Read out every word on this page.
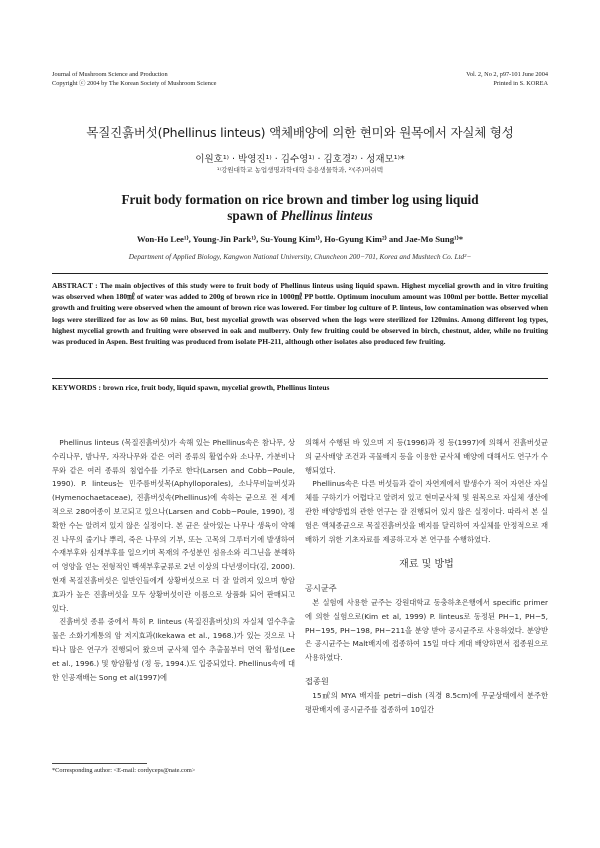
Journal of Mushroom Science and Production
Copyright ⓒ 2004 by The Korean Society of Mushroom Science
Vol. 2, No 2, p97-101 June 2004
Printed in S. KOREA
목질진흙버섯(Phellinus linteus) 액체배양에 의한 현미와 원목에서 자실체 형성
이원호¹⁾ · 박영진¹⁾ · 김수영¹⁾ · 김호경²⁾ · 성재모¹⁾*
¹⁾강원대학교 농업생명과학대학 응용생물학과, ²⁾(주)머쉬텍
Fruit body formation on rice brown and timber log using liquid
spawn of Phellinus linteus
Won-Ho Lee¹⁾, Young-Jin Park¹⁾, Su-Young Kim¹⁾, Ho-Gyung Kim²⁾ and Jae-Mo Sung¹⁾*
Department of Applied Biology, Kangwon National University, Chuncheon 200−701, Korea and Mushtech Co. Ltd²−

ABSTRACT : The main objectives of this study were to fruit body of Phellinus linteus using liquid spawn. Highest mycelial growth and in vitro fruiting was observed when 180㎖ of water was added to 200g of brown rice in 1000㎖ PP bottle. Optimum inoculum amount was 100ml per bottle. Better mycelial growth and fruiting were observed when the amount of brown rice was lowered. For timber log culture of P. linteus, low contamination was observed when logs were sterilized for as low as 60 mins. But, best mycelial growth was observed when the logs were sterilized for 120mins. Among different log types, highest mycelial growth and fruiting were observed in oak and mulberry. Only few fruiting could be observed in birch, chestnut, alder, while no fruiting was produced in Aspen. Best fruiting was produced from isolate PH-211, although other isolates also produced few fruiting.

KEYWORDS : brown rice, fruit body, liquid spawn, mycelial growth, Phellinus linteus

Phellinus linteus (목질진흙버섯)가 속해 있는 Phellinus속은 참나무, 상수리나무, 밤나무, 자작나무와 같은 여러 종류의 활엽수와 소나무, 가분비나무와 같은 여러 종류의 침엽수를 기주로 한다(Larsen and Cobb−Poule, 1990). P. linteus는 민주름버섯목(Aphylloporales), 소나무비늘버섯과(Hymenochaetaceae), 진흙버섯속(Phellinus)에 속하는 균으로 전 세계적으로 280여종이 보고되고 있으나(Larsen and Cobb−Poule, 1990), 정확한 수는 알려져 있지 않은 실정이다. 본 균은 살아있는 나무나 생육이 약해진 나무의 줄기나 뿌리, 죽은 나무의 기부, 또는 고목의 그루터기에 발생하여 수재부후와 심재부후를 일으키며 목재의 주성분인 섬유소와 리그닌을 분해하여 영양을 얻는 전형적인 백색부후균류로 2년 이상의 다년생이다(김, 2000). 현재 목질진흙버섯은 일반인들에게 상황버섯으로 더 잘 알려져 있으며 항암 효과가 높은 진흙버섯을 모두 상황버섯이란 이름으로 상품화 되어 판매되고 있다.

진흙버섯 종류 중에서 특히 P. linteus (목질진흙버섯)의 자실체 열수추출물은 소화기계통의 암 저지효과(Ikekawa et al., 1968.)가 있는 것으로 나타나 많은 연구가 진행되어 왔으며 균사체 열수 추출물부터 면역 활성(Lee et al., 1996.) 및 항암활성 (정 등, 1994.)도 입증되었다. Phellinus속에 대한 인공재배는 Song et al(1997)에

의해서 수행된 바 있으며 지 등(1996)과 정 등(1997)에 의해서 진흙버섯균의 균사배양 조건과 곡물배지 등을 이용한 균사체 배양에 대해서도 연구가 수행되었다.

Phellinus속은 다른 버섯들과 같이 자연계에서 발생수가 적어 자연산 자실체를 구하기가 어렵다고 알려져 있고 현미균사체 및 원목으로 자실체 생산에 관한 배양방법의 관한 연구는 잘 진행되어 있지 않은 실정이다. 따라서 본 실험은 액체종균으로 목질진흙버섯을 배지를 달리하여 자실체를 안정적으로 재배하기 위한 기초자료를 제공하고자 본 연구를 수행하였다.

재료 및 방법
공시균주

본 실험에 사용한 균주는 강원대학교 동충하초은행에서 specific primer에 의한 실험으로(Kim et al, 1999) P. linteus로 동정된 PH−1, PH−5, PH−195, PH−198, PH−211을 분양 받아 공시균주로 사용하였다. 분양받은 공시균주는 Malt배지에 접종하여 15일 마다 계대 배양하면서 접종원으로 사용하였다.

접종원

15㎖의 MYA 배지를 petri−dish (직경 8.5cm)에 무균상태에서 분주한 평판배지에 공시균주를 접종하여 10일간

*Corresponding author: <E-mail: cordyceps@nate.com>
